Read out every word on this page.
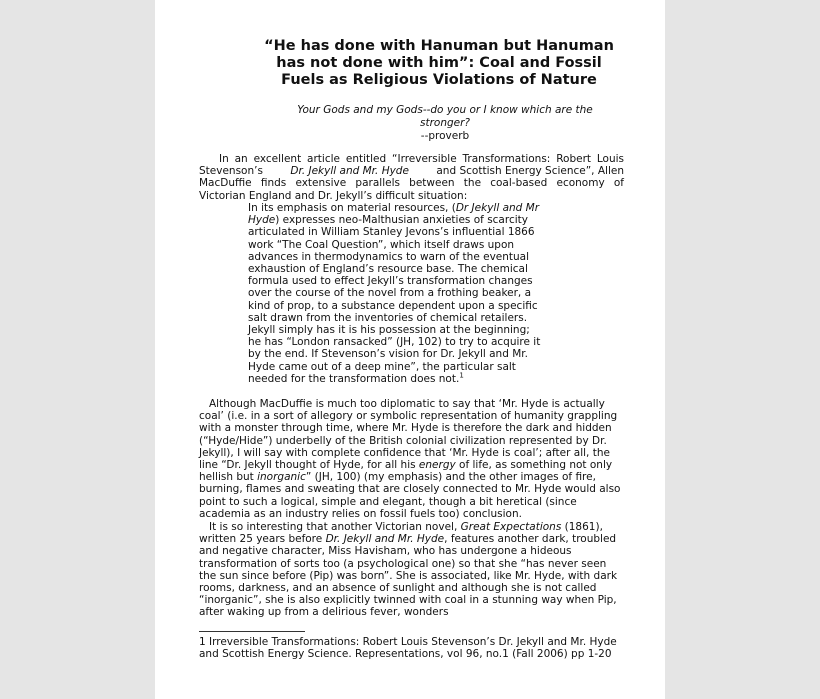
“He has done with Hanuman but Hanuman
has not done with him”: Coal and Fossil
Fuels as Religious Violations of Nature
Your Gods and my Gods--do you or I know which are the
stronger?
--proverb
In an excellent article entitled “Irreversible Transformations: Robert Louis
Stevenson’s	Dr. Jekyll and Mr. Hyde	and Scottish Energy Science”, Allen
MacDuffie finds extensive parallels between the coal-based economy of
Victorian England and Dr. Jekyll’s difficult situation:
In its emphasis on material resources, (Dr Jekyll and Mr
Hyde) expresses neo-Malthusian anxieties of scarcity
articulated in William Stanley Jevons’s influential 1866
work “The Coal Question”, which itself draws upon
advances in thermodynamics to warn of the eventual
exhaustion of England’s resource base. The chemical
formula used to effect Jekyll’s transformation changes
over the course of the novel from a frothing beaker, a
kind of prop, to a substance dependent upon a specific
salt drawn from the inventories of chemical retailers.
Jekyll simply has it is his possession at the beginning;
he has “London ransacked” (JH, 102) to try to acquire it
by the end. If Stevenson’s vision for Dr. Jekyll and Mr.
Hyde came out of a deep mine”, the particular salt
needed for the transformation does not.$^1$
Although MacDuffie is much too diplomatic to say that ‘Mr. Hyde is actually
coal’ (i.e. in a sort of allegory or symbolic representation of humanity grappling
with a monster through time, where Mr. Hyde is therefore the dark and hidden
(“Hyde/Hide”) underbelly of the British colonial civilization represented by Dr.
Jekyll), I will say with complete confidence that ‘Mr. Hyde is coal’; after all, the
line “Dr. Jekyll thought of Hyde, for all his energy of life, as something not only
hellish but inorganic” (JH, 100) (my emphasis) and the other images of fire,
burning, flames and sweating that are closely connected to Mr. Hyde would also
point to such a logical, simple and elegant, though a bit heretical (since
academia as an industry relies on fossil fuels too) conclusion.
It is so interesting that another Victorian novel, Great Expectations (1861),
written 25 years before Dr. Jekyll and Mr. Hyde, features another dark, troubled
and negative character, Miss Havisham, who has undergone a hideous
transformation of sorts too (a psychological one) so that she “has never seen
the sun since before (Pip) was born”. She is associated, like Mr. Hyde, with dark
rooms, darkness, and an absence of sunlight and although she is not called
“inorganic”, she is also explicitly twinned with coal in a stunning way when Pip,
after waking up from a delirious fever, wonders
1 Irreversible Transformations: Robert Louis Stevenson’s Dr. Jekyll and Mr. Hyde
and Scottish Energy Science. Representations, vol 96, no.1 (Fall 2006) pp 1-20
